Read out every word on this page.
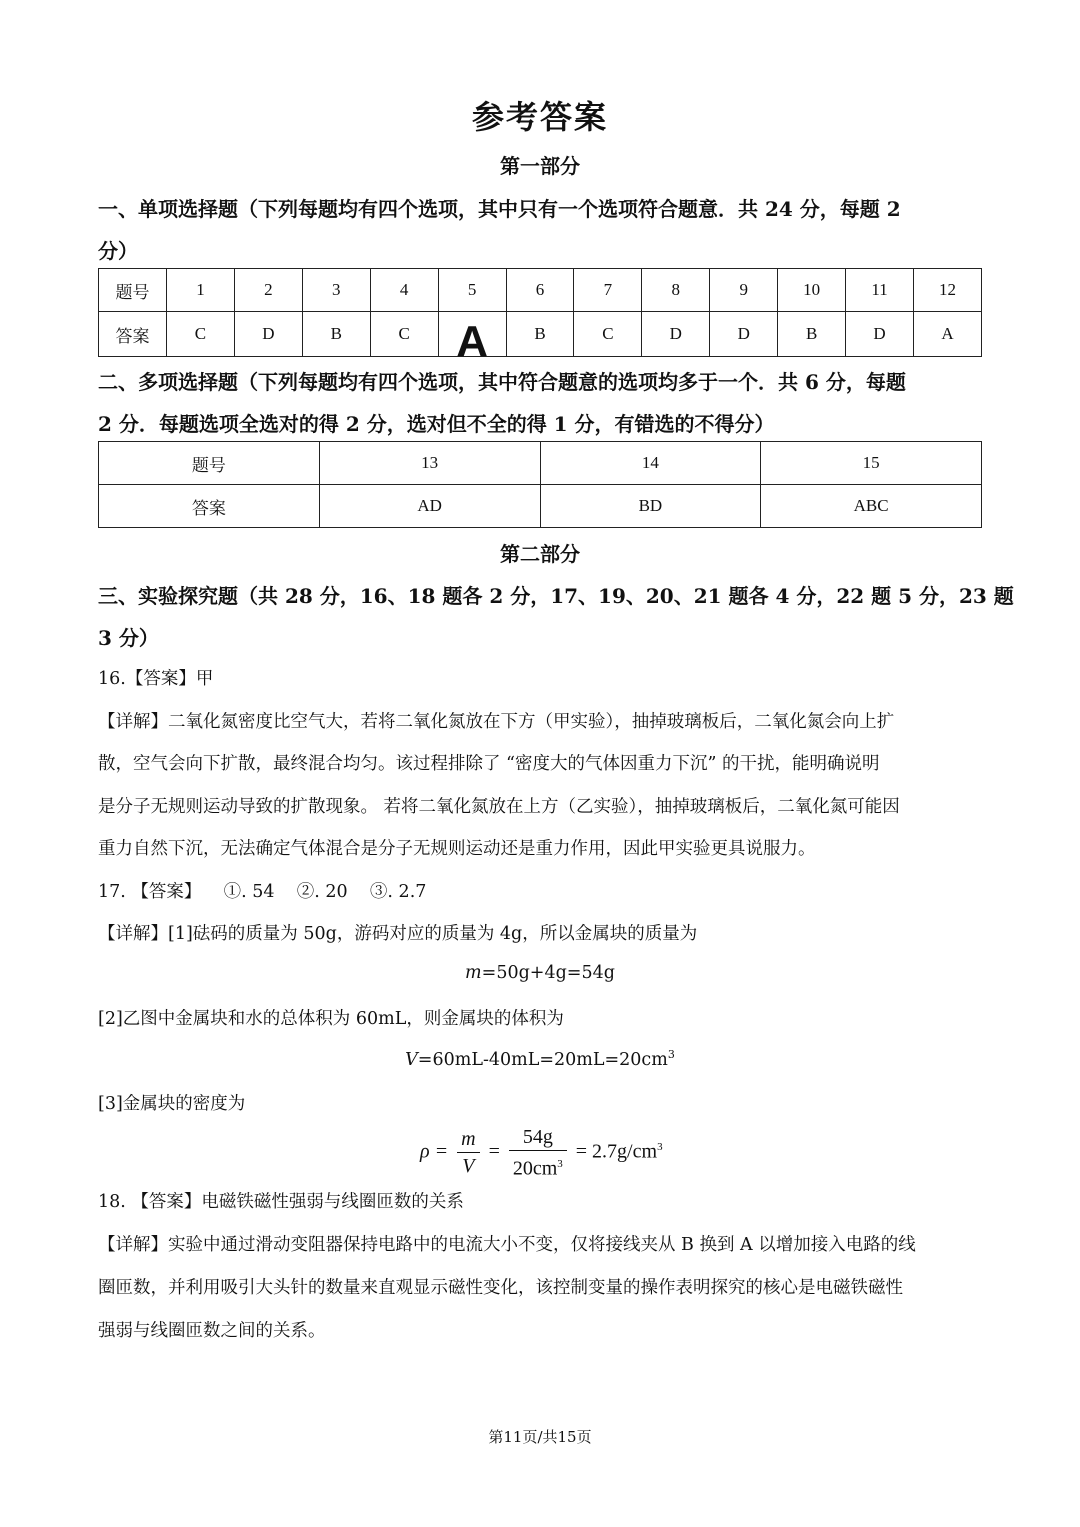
参考答案
第一部分
一、单项选择题（下列每题均有四个选项，其中只有一个选项符合题意．共 24 分，每题 2
分）
题号	1	2	3	4	5	6	7	8	9	10	11	12
答案	C	D	B	C	A	B	C	D	D	B	D	A
二、多项选择题（下列每题均有四个选项，其中符合题意的选项均多于一个．共 6 分，每题
2 分．每题选项全选对的得 2 分，选对但不全的得 1 分，有错选的不得分）
题号	13	14	15
答案	AD	BD	ABC
第二部分
三、实验探究题（共 28 分，16、18 题各 2 分，17、19、20、21 题各 4 分，22 题 5 分，23 题
3 分）
16.【答案】甲
【详解】二氧化氮密度比空气大，若将二氧化氮放在下方（甲实验），抽掉玻璃板后，二氧化氮会向上扩
散，空气会向下扩散，最终混合均匀。该过程排除了 “密度大的气体因重力下沉” 的干扰，能明确说明
是分子无规则运动导致的扩散现象。 若将二氧化氮放在上方（乙实验），抽掉玻璃板后，二氧化氮可能因
重力自然下沉，无法确定气体混合是分子无规则运动还是重力作用，因此甲实验更具说服力。
17. 【答案】    ①. 54    ②. 20    ③. 2.7
【详解】[1]砝码的质量为 50g，游码对应的质量为 4g，所以金属块的质量为
m=50g+4g=54g
[2]乙图中金属块和水的总体积为 60mL，则金属块的体积为
$V=60mL-40mL=20mL=20cm^3$
[3]金属块的密度为
$\rho = \frac{m}{V} = \frac{54g}{20cm^3} = 2.7g/cm^3$
18. 【答案】电磁铁磁性强弱与线圈匝数的关系
【详解】实验中通过滑动变阻器保持电路中的电流大小不变，仅将接线夹从 B 换到 A 以增加接入电路的线
圈匝数，并利用吸引大头针的数量来直观显示磁性变化，该控制变量的操作表明探究的核心是电磁铁磁性
强弱与线圈匝数之间的关系。
第11页/共15页
